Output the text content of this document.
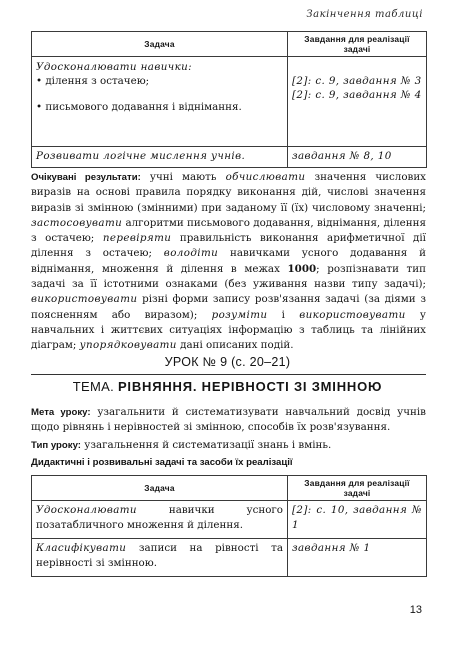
Закінчення таблиці
Задача	Завдання для реалізації задачі

Удосконалювати навички:
• ділення з остачею;
• письмового додавання і віднімання.	[2]: с. 9, завдання № 3
[2]: с. 9, завдання № 4

Розвивати логічне мислення учнів.	завдання № 8, 10
Очікувані результати: учні мають обчислювати значення числових виразів на основі правила порядку виконання дій, числові значення виразів зі змінною (змінними) при заданому її (їх) числовому значенні; застосовувати алгоритми письмового додавання, віднімання, ділення з остачею; перевіряти правильність виконання арифметичної дії ділення з остачею; володіти навичками усного додавання й віднімання, множення й ділення в межах 1000; розпізнавати тип задачі за її істотними ознаками (без уживання назви типу задачі); використовувати різні форми запису розв'язання задачі (за діями з поясненням або виразом); розуміти і використовувати у навчальних і життєвих ситуаціях інформацію з таблиць та лінійних діаграм; упорядковувати дані описаних подій.
УРОК № 9 (с. 20–21)
ТЕМА. РІВНЯННЯ. НЕРІВНОСТІ ЗІ ЗМІННОЮ
Мета уроку: узагальнити й систематизувати навчальний досвід учнів щодо рівнянь і нерівностей зі змінною, способів їх розв'язування.
Тип уроку: узагальнення й систематизації знань і вмінь.
Дидактичні і розвивальні задачі та засоби їх реалізації
Задача	Завдання для реалізації задачі
Удосконалювати навички усного позатабличного множення й ділення.	[2]: с. 10, завдання № 1
Класифікувати записи на рівності та нерівності зі змінною.	завдання № 1
13
